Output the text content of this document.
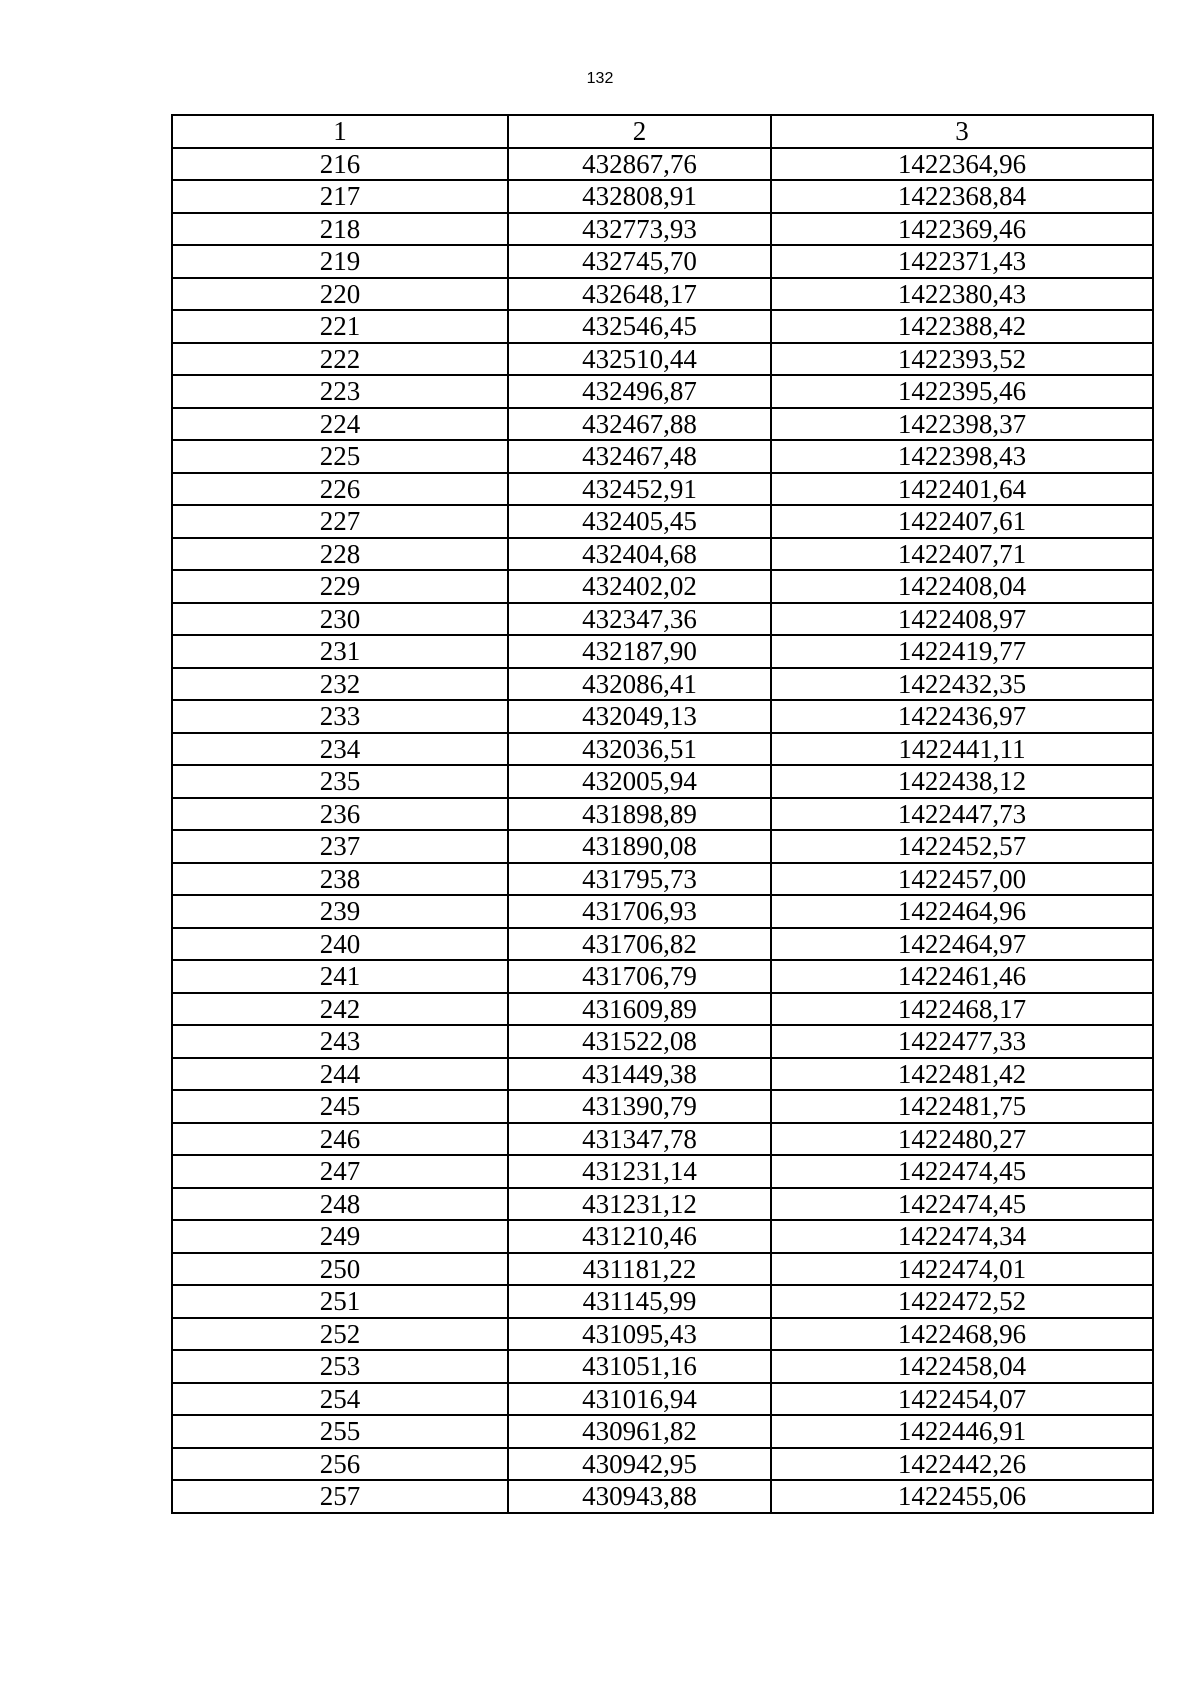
132
1	2	3
216	432867,76	1422364,96
217	432808,91	1422368,84
218	432773,93	1422369,46
219	432745,70	1422371,43
220	432648,17	1422380,43
221	432546,45	1422388,42
222	432510,44	1422393,52
223	432496,87	1422395,46
224	432467,88	1422398,37
225	432467,48	1422398,43
226	432452,91	1422401,64
227	432405,45	1422407,61
228	432404,68	1422407,71
229	432402,02	1422408,04
230	432347,36	1422408,97
231	432187,90	1422419,77
232	432086,41	1422432,35
233	432049,13	1422436,97
234	432036,51	1422441,11
235	432005,94	1422438,12
236	431898,89	1422447,73
237	431890,08	1422452,57
238	431795,73	1422457,00
239	431706,93	1422464,96
240	431706,82	1422464,97
241	431706,79	1422461,46
242	431609,89	1422468,17
243	431522,08	1422477,33
244	431449,38	1422481,42
245	431390,79	1422481,75
246	431347,78	1422480,27
247	431231,14	1422474,45
248	431231,12	1422474,45
249	431210,46	1422474,34
250	431181,22	1422474,01
251	431145,99	1422472,52
252	431095,43	1422468,96
253	431051,16	1422458,04
254	431016,94	1422454,07
255	430961,82	1422446,91
256	430942,95	1422442,26
257	430943,88	1422455,06
